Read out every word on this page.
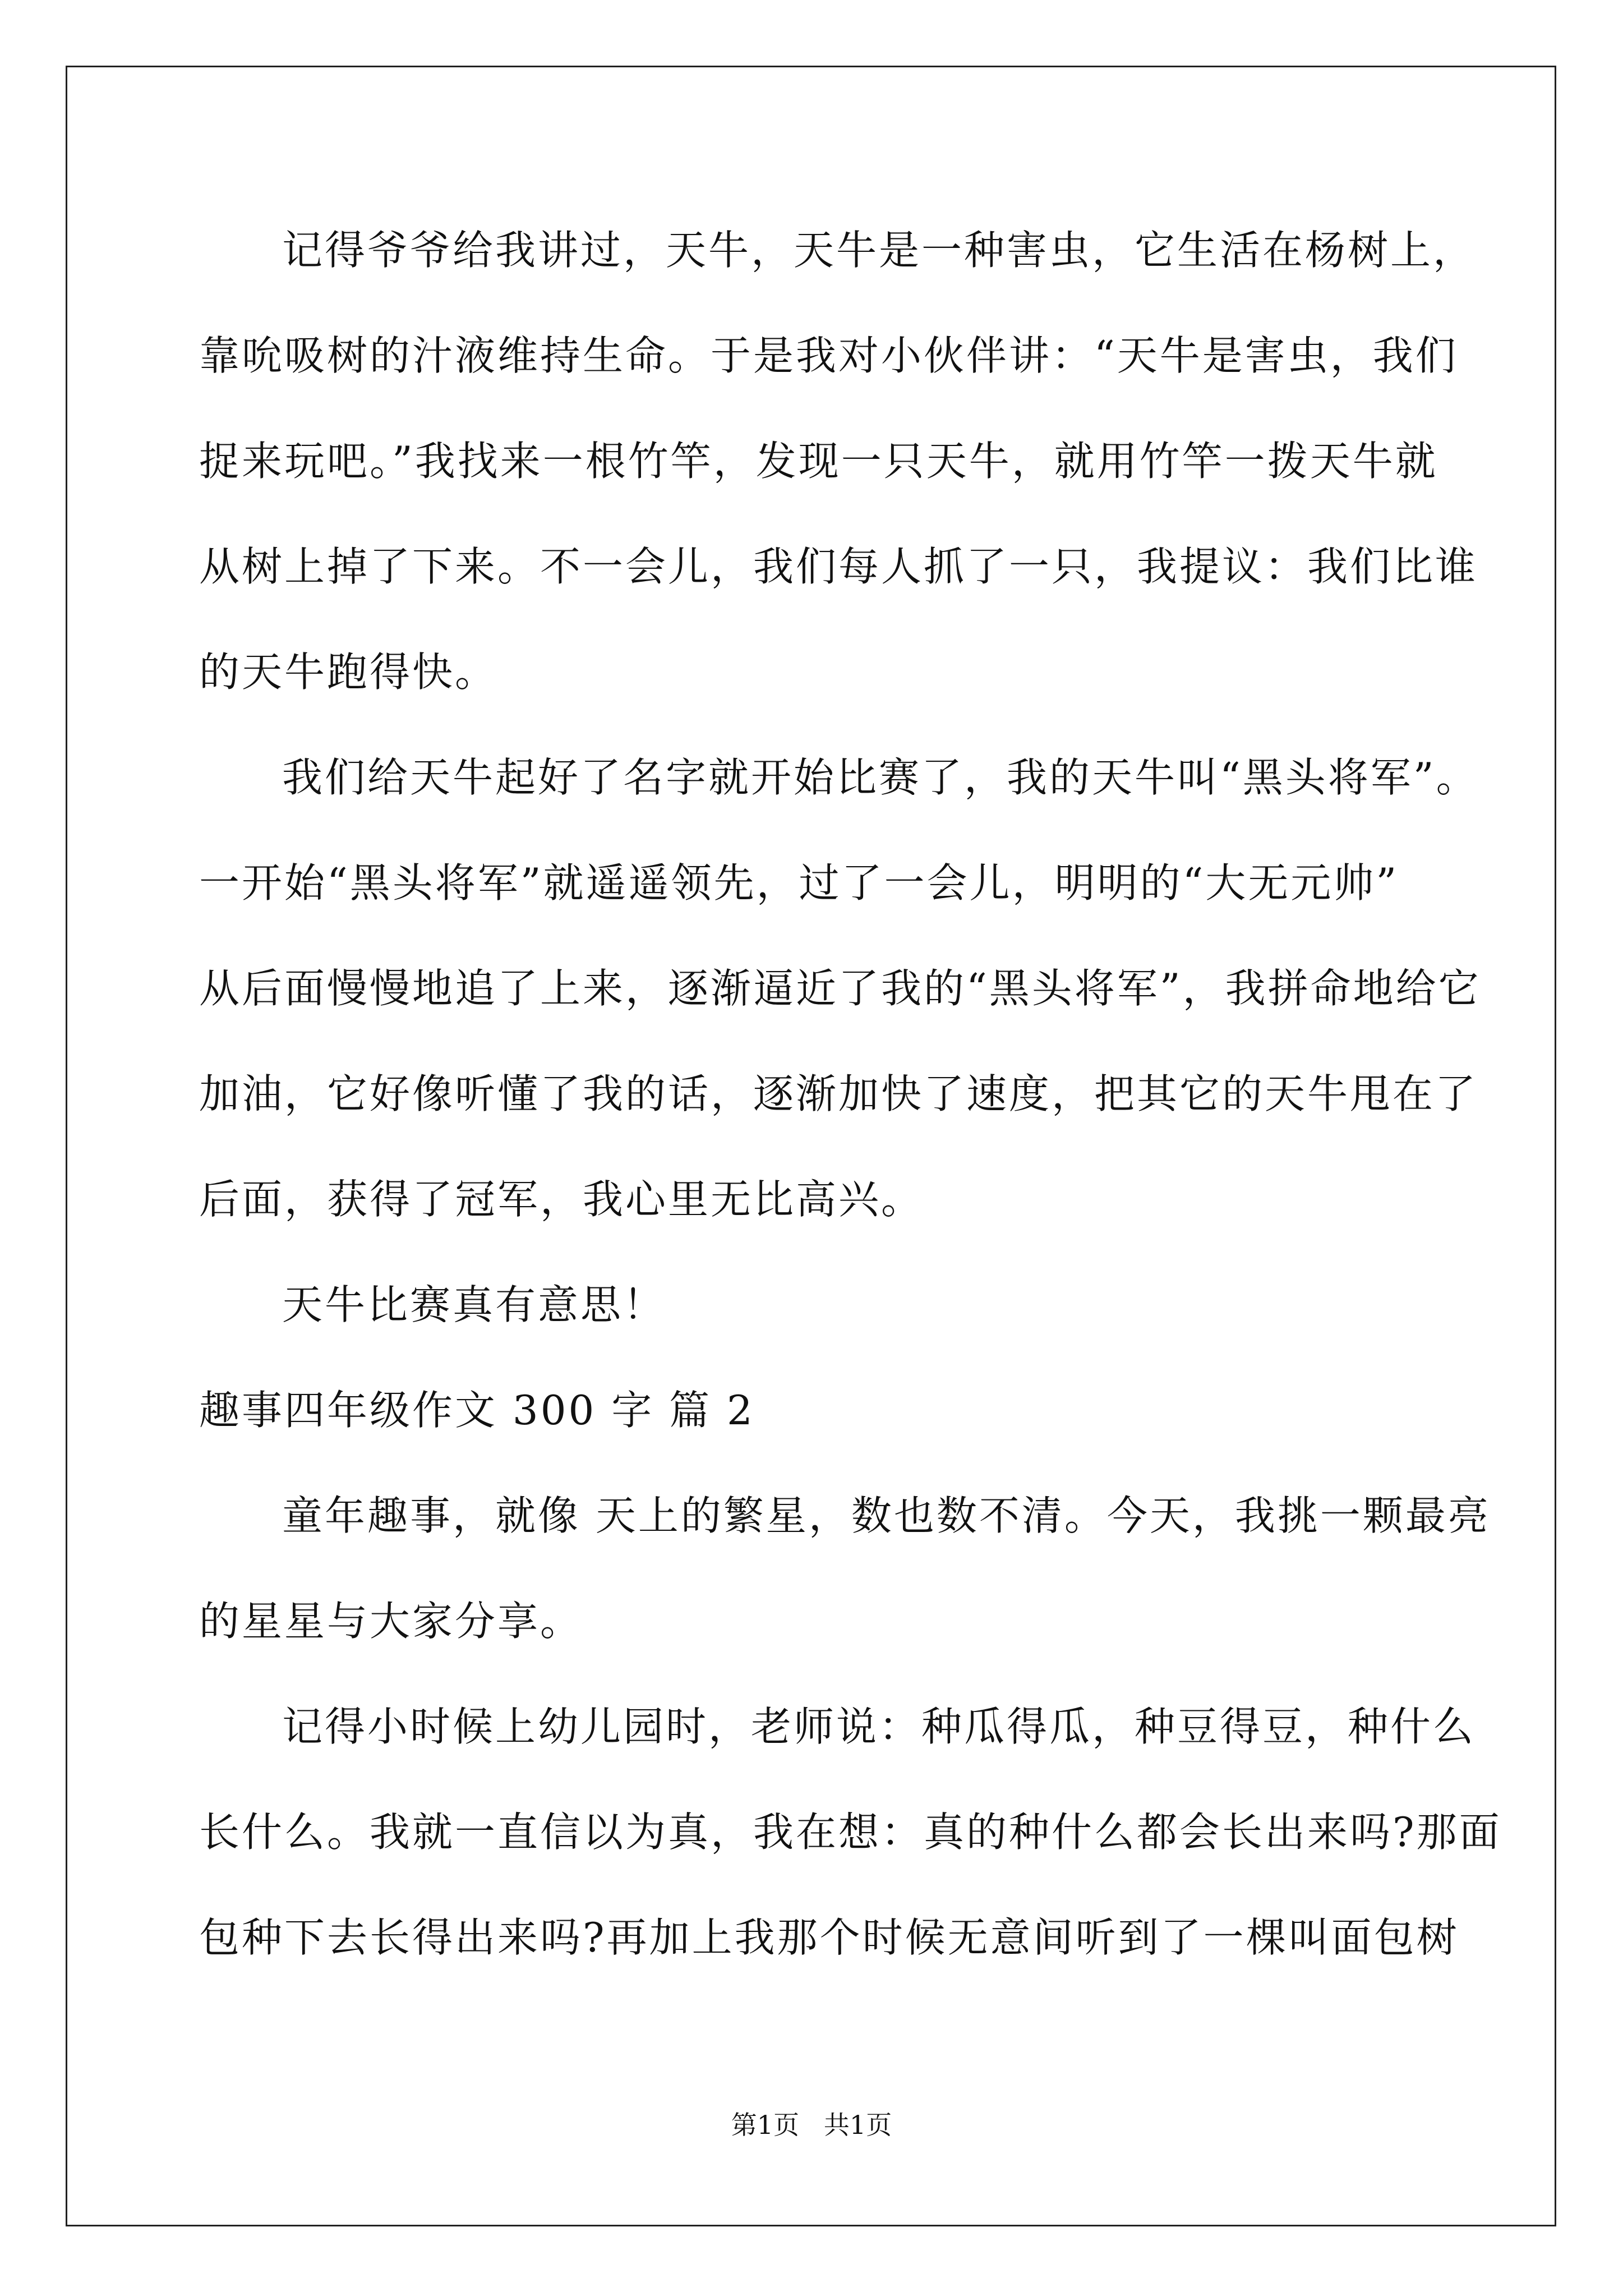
记得爷爷给我讲过，天牛，天牛是一种害虫，它生活在杨树上，
靠吮吸树的汁液维持生命。于是我对小伙伴讲：“天牛是害虫，我们
捉来玩吧。”我找来一根竹竿，发现一只天牛，就用竹竿一拨天牛就
从树上掉了下来。不一会儿，我们每人抓了一只，我提议：我们比谁
的天牛跑得快。
我们给天牛起好了名字就开始比赛了，我的天牛叫“黑头将军”。
一开始“黑头将军”就遥遥领先，过了一会儿，明明的“大无元帅”
从后面慢慢地追了上来，逐渐逼近了我的“黑头将军”，我拼命地给它
加油，它好像听懂了我的话，逐渐加快了速度，把其它的天牛甩在了
后面，获得了冠军，我心里无比高兴。
天牛比赛真有意思！
趣事四年级作文 300 字 篇 2
童年趣事，就像 天上的繁星，数也数不清。今天，我挑一颗最亮
的星星与大家分享。
记得小时候上幼儿园时，老师说：种瓜得瓜，种豆得豆，种什么
长什么。我就一直信以为真，我在想：真的种什么都会长出来吗?那面
包种下去长得出来吗?再加上我那个时候无意间听到了一棵叫面包树
第1页   共1页
